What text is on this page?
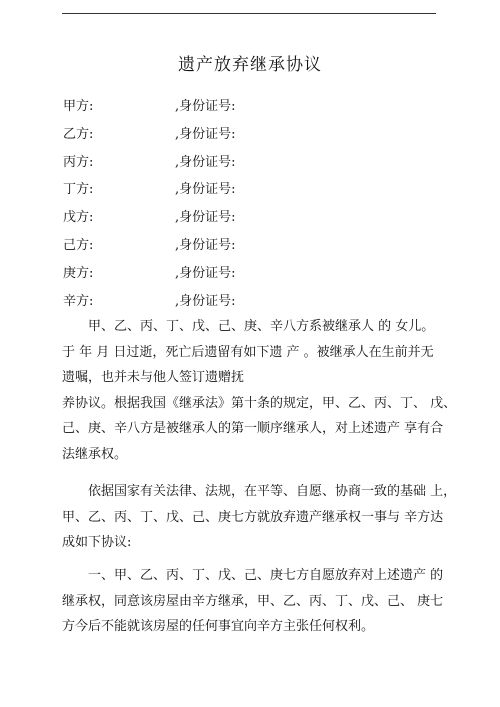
遗产放弃继承协议
甲方:	,身份证号:
乙方:	,身份证号:
丙方:	,身份证号:
丁方:	,身份证号:
戊方:	,身份证号:
己方:	,身份证号:
庚方:	,身份证号:
辛方:	,身份证号:
甲、乙、丙、丁、戊、己、庚、辛八方系被继承人 的 女儿。
于 年 月 日过逝，死亡后遗留有如下遗 产 。被继承人在生前并无
遗嘱，也并未与他人签订遗赠抚
养协议。根据我国《继承法》第十条的规定，甲、乙、丙、丁、 戊、
己、庚、辛八方是被继承人的第一顺序继承人，对上述遗产 享有合
法继承权。
依据国家有关法律、法规，在平等、自愿、协商一致的基础 上，
甲、乙、丙、丁、戊、己、庚七方就放弃遗产继承权一事与 辛方达
成如下协议:
一、甲、乙、丙、丁、戊、己、庚七方自愿放弃对上述遗产 的
继承权，同意该房屋由辛方继承，甲、乙、丙、丁、戊、己、 庚七
方今后不能就该房屋的任何事宜向辛方主张任何权利。
